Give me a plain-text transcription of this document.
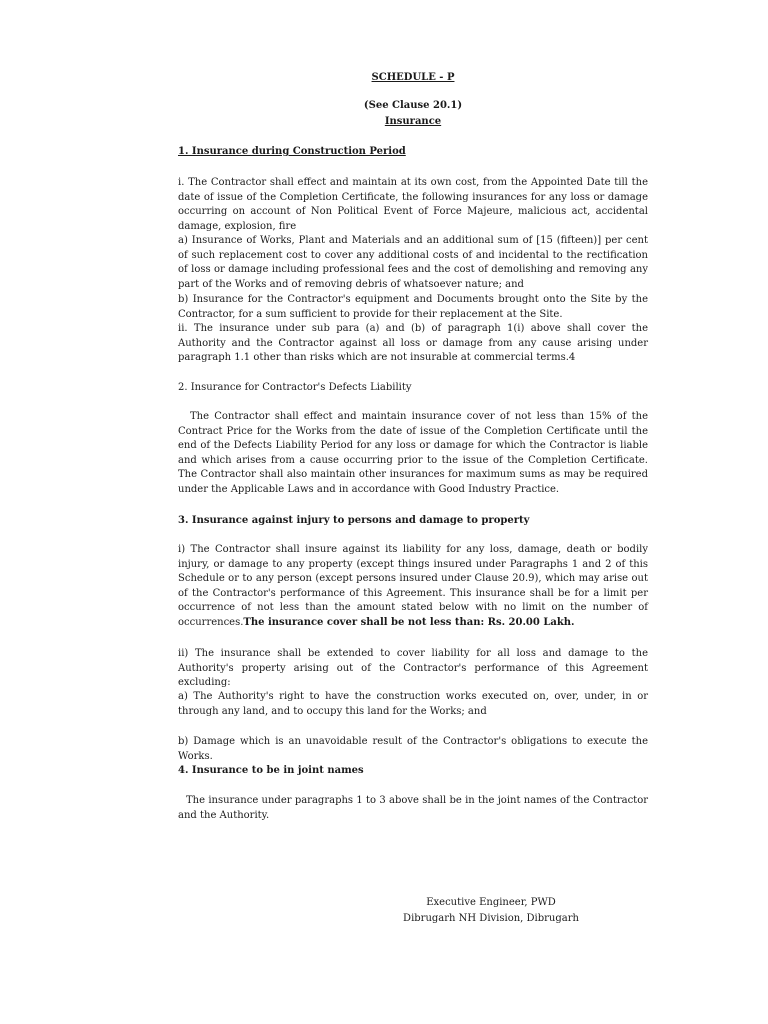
SCHEDULE - P
(See Clause 20.1)
Insurance

1. Insurance during Construction Period

i. The Contractor shall effect and maintain at its own cost, from the Appointed Date till the date of issue of the Completion Certificate, the following insurances for any loss or damage occurring on account of Non Political Event of Force Majeure, malicious act, accidental damage, explosion, fire

a) Insurance of Works, Plant and Materials and an additional sum of [15 (fifteen)] per cent of such replacement cost to cover any additional costs of and incidental to the rectification of loss or damage including professional fees and the cost of demolishing and removing any part of the Works and of removing debris of whatsoever nature; and

b) Insurance for the Contractor's equipment and Documents brought onto the Site by the Contractor, for a sum sufficient to provide for their replacement at the Site.

ii. The insurance under sub para (a) and (b) of paragraph 1(i) above shall cover the Authority and the Contractor against all loss or damage from any cause arising under paragraph 1.1 other than risks which are not insurable at commercial terms.4

2. Insurance for Contractor's Defects Liability

The Contractor shall effect and maintain insurance cover of not less than 15% of the Contract Price for the Works from the date of issue of the Completion Certificate until the end of the Defects Liability Period for any loss or damage for which the Contractor is liable and which arises from a cause occurring prior to the issue of the Completion Certificate. The Contractor shall also maintain other insurances for maximum sums as may be required under the Applicable Laws and in accordance with Good Industry Practice.

3. Insurance against injury to persons and damage to property

i) The Contractor shall insure against its liability for any loss, damage, death or bodily injury, or damage to any property (except things insured under Paragraphs 1 and 2 of this Schedule or to any person (except persons insured under Clause 20.9), which may arise out of the Contractor's performance of this Agreement. This insurance shall be for a limit per occurrence of not less than the amount stated below with no limit on the number of occurrences.The insurance cover shall be not less than: Rs. 20.00 Lakh.

ii) The insurance shall be extended to cover liability for all loss and damage to the Authority's property arising out of the Contractor's performance of this Agreement excluding:

a) The Authority's right to have the construction works executed on, over, under, in or through any land, and to occupy this land for the Works; and

b) Damage which is an unavoidable result of the Contractor's obligations to execute the Works.

4. Insurance to be in joint names

The insurance under paragraphs 1 to 3 above shall be in the joint names of the Contractor and the Authority.

Executive Engineer, PWD
Dibrugarh NH Division, Dibrugarh
